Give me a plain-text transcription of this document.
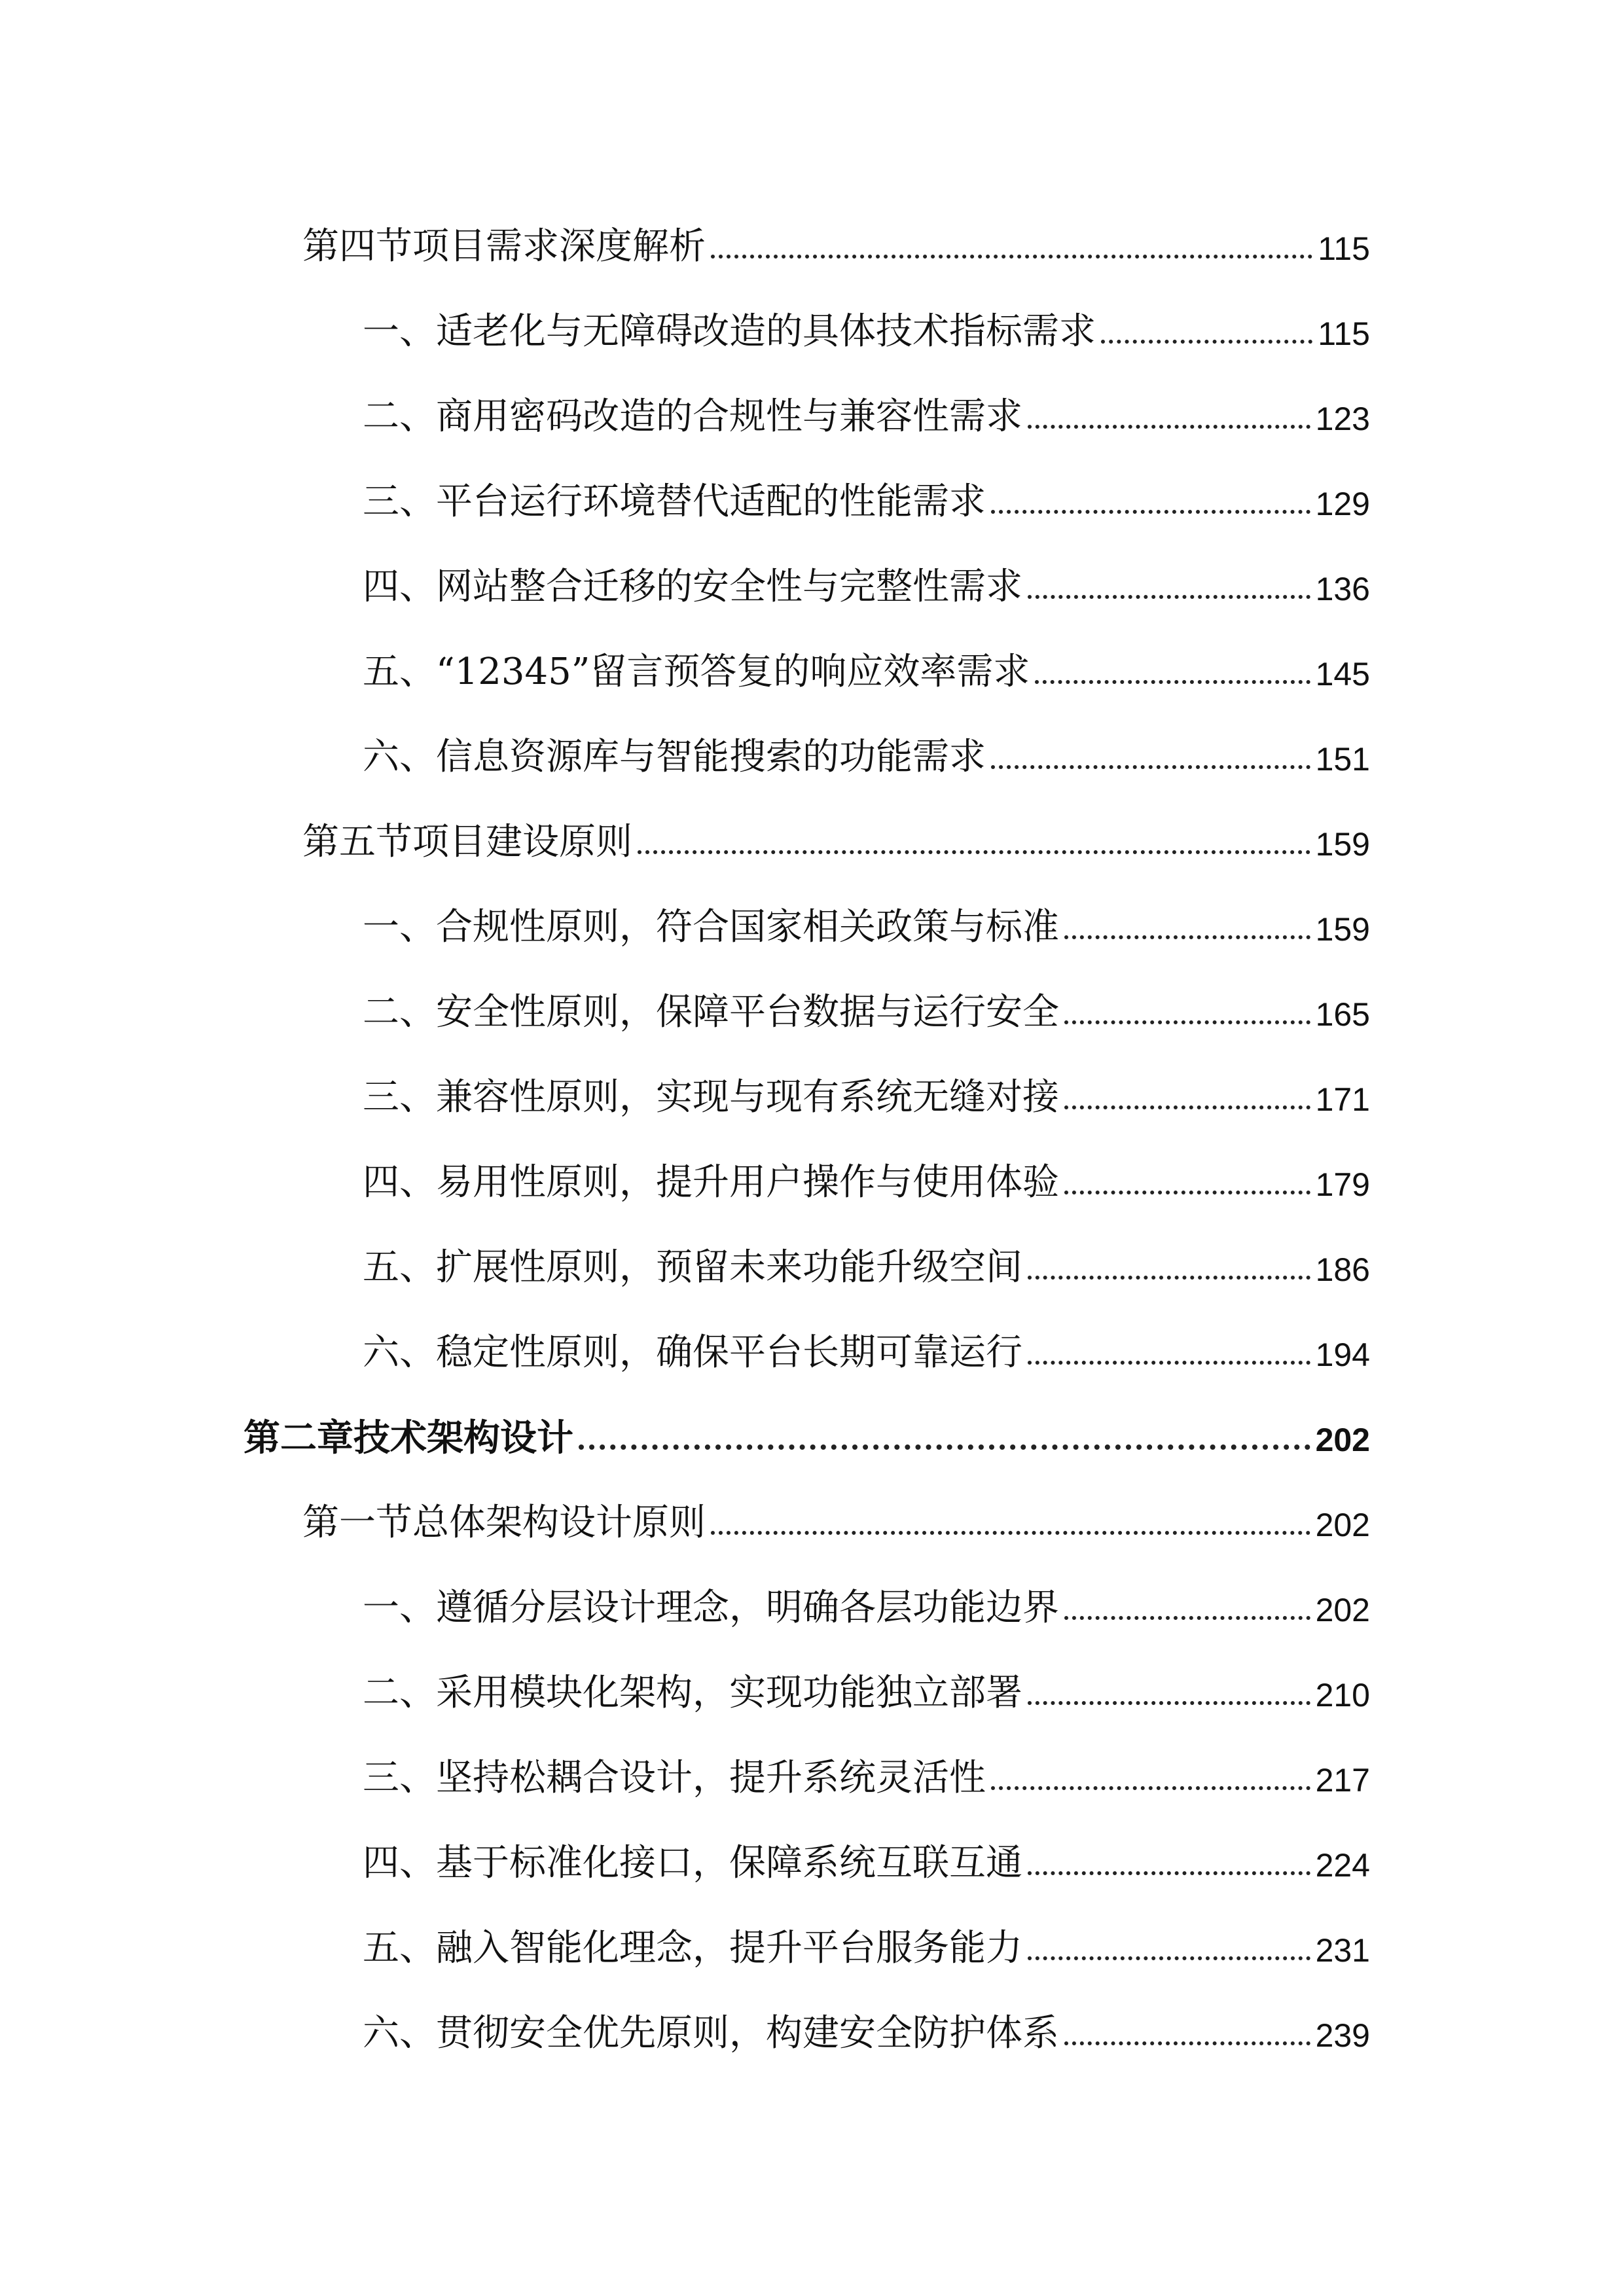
第四节项目需求深度解析	115
一、适老化与无障碍改造的具体技术指标需求	115
二、商用密码改造的合规性与兼容性需求	123
三、平台运行环境替代适配的性能需求	129
四、网站整合迁移的安全性与完整性需求	136
五、“12345”留言预答复的响应效率需求	145
六、信息资源库与智能搜索的功能需求	151
第五节项目建设原则	159
一、合规性原则，符合国家相关政策与标准	159
二、安全性原则，保障平台数据与运行安全	165
三、兼容性原则，实现与现有系统无缝对接	171
四、易用性原则，提升用户操作与使用体验	179
五、扩展性原则，预留未来功能升级空间	186
六、稳定性原则，确保平台长期可靠运行	194
第二章技术架构设计	202
第一节总体架构设计原则	202
一、遵循分层设计理念，明确各层功能边界	202
二、采用模块化架构，实现功能独立部署	210
三、坚持松耦合设计，提升系统灵活性	217
四、基于标准化接口，保障系统互联互通	224
五、融入智能化理念，提升平台服务能力	231
六、贯彻安全优先原则，构建安全防护体系	239
